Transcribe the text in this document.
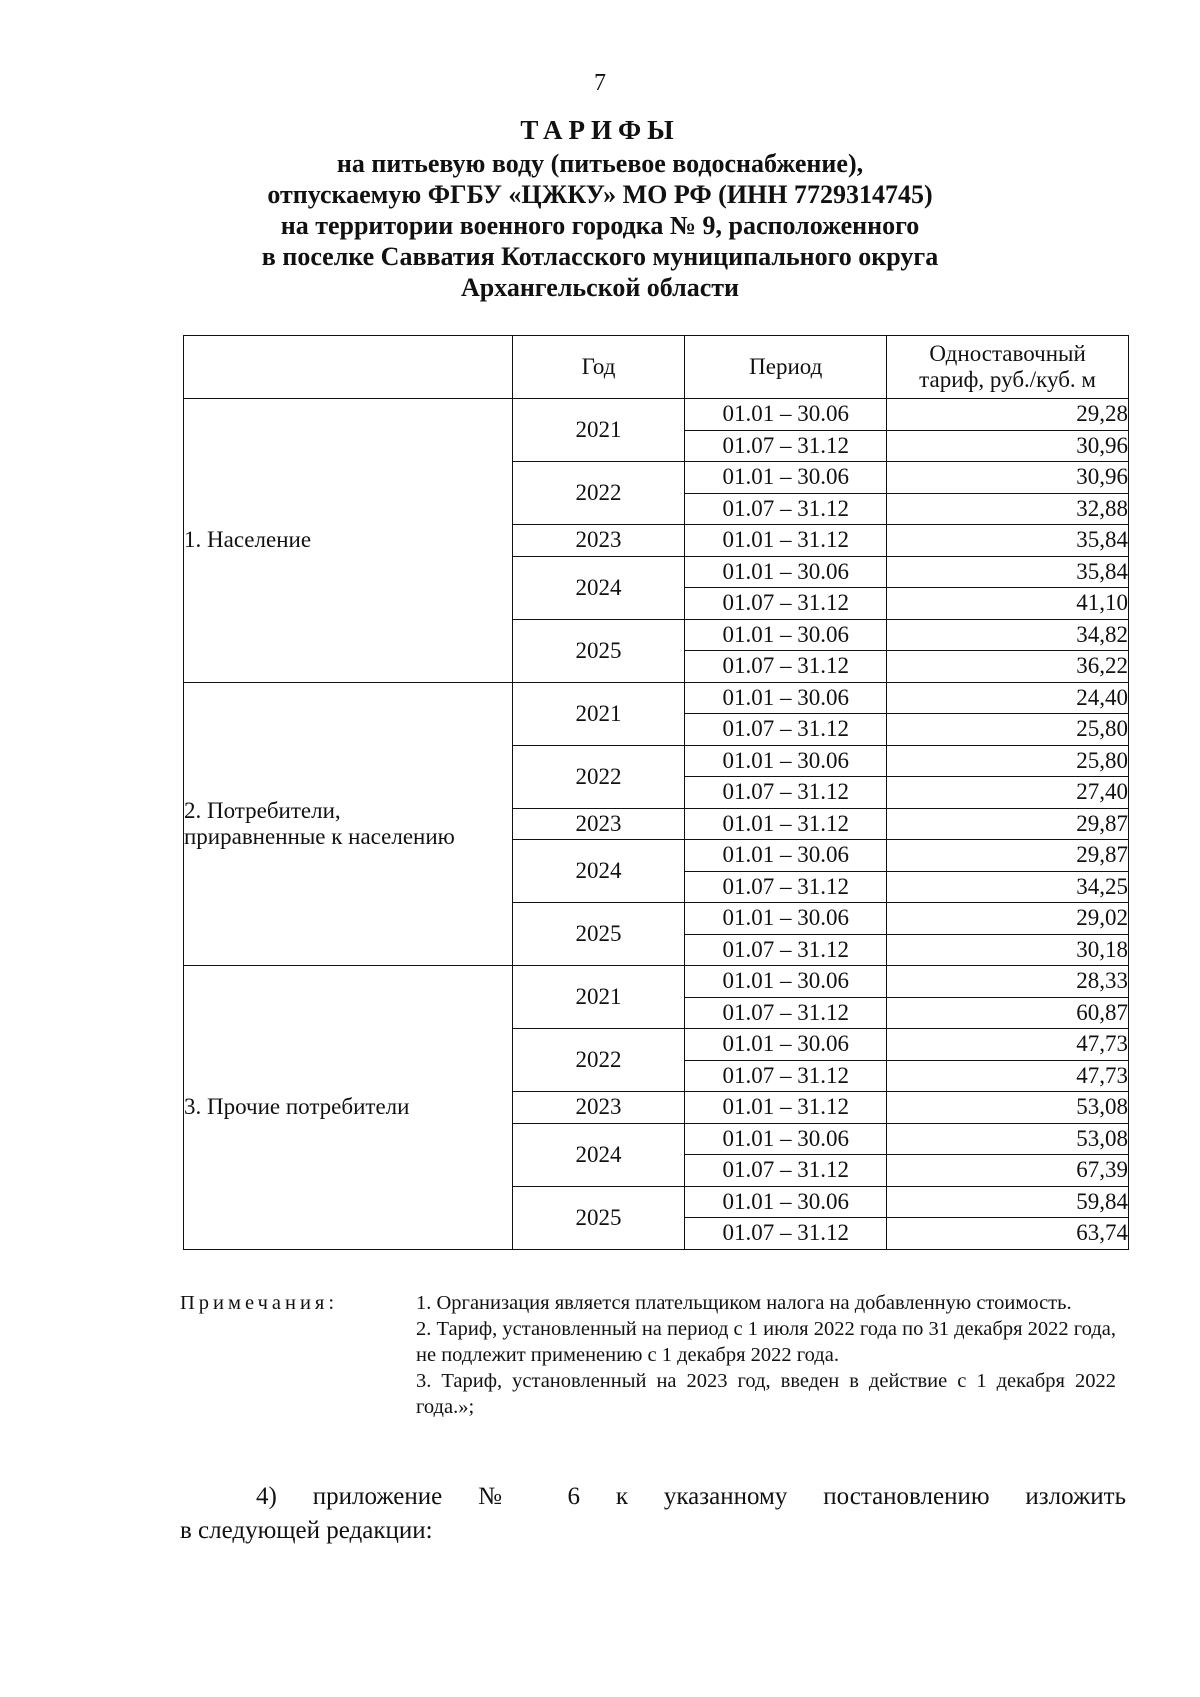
7

ТАРИФЫ

на питьевую воду (питьевое водоснабжение),

отпускаемую ФГБУ «ЦЖКУ» МО РФ (ИНН 7729314745)

на территории военного городка № 9, расположенного

в поселке Савватия Котласского муниципального округа

Архангельской области

	Год	Период	Одноставочный
тариф, руб./куб. м
1. Население	2021	01.01 – 30.06	29,28
		01.07 – 31.12	30,96
	2022	01.01 – 30.06	30,96
		01.07 – 31.12	32,88
	2023	01.01 – 31.12	35,84
	2024	01.01 – 30.06	35,84
		01.07 – 31.12	41,10
	2025	01.01 – 30.06	34,82
		01.07 – 31.12	36,22
2. Потребители,
приравненные к населению	2021	01.01 – 30.06	24,40
		01.07 – 31.12	25,80
	2022	01.01 – 30.06	25,80
		01.07 – 31.12	27,40
	2023	01.01 – 31.12	29,87
	2024	01.01 – 30.06	29,87
		01.07 – 31.12	34,25
	2025	01.01 – 30.06	29,02
		01.07 – 31.12	30,18
3. Прочие потребители	2021	01.01 – 30.06	28,33
		01.07 – 31.12	60,87
	2022	01.01 – 30.06	47,73
		01.07 – 31.12	47,73
	2023	01.01 – 31.12	53,08
	2024	01.01 – 30.06	53,08
		01.07 – 31.12	67,39
	2025	01.01 – 30.06	59,84
		01.07 – 31.12	63,74
Примечания:	1. Организация является плательщиком налога на добавленную стоимость.

2. Тариф, установленный на период с 1 июля 2022 года по 31 декабря 2022 года, не подлежит применению с 1 декабря 2022 года.

3. Тариф, установленный на 2023 год, введен в действие с 1 декабря 2022 года.»;

4) приложение № 6 к указанному постановлению изложить

в следующей редакции:
